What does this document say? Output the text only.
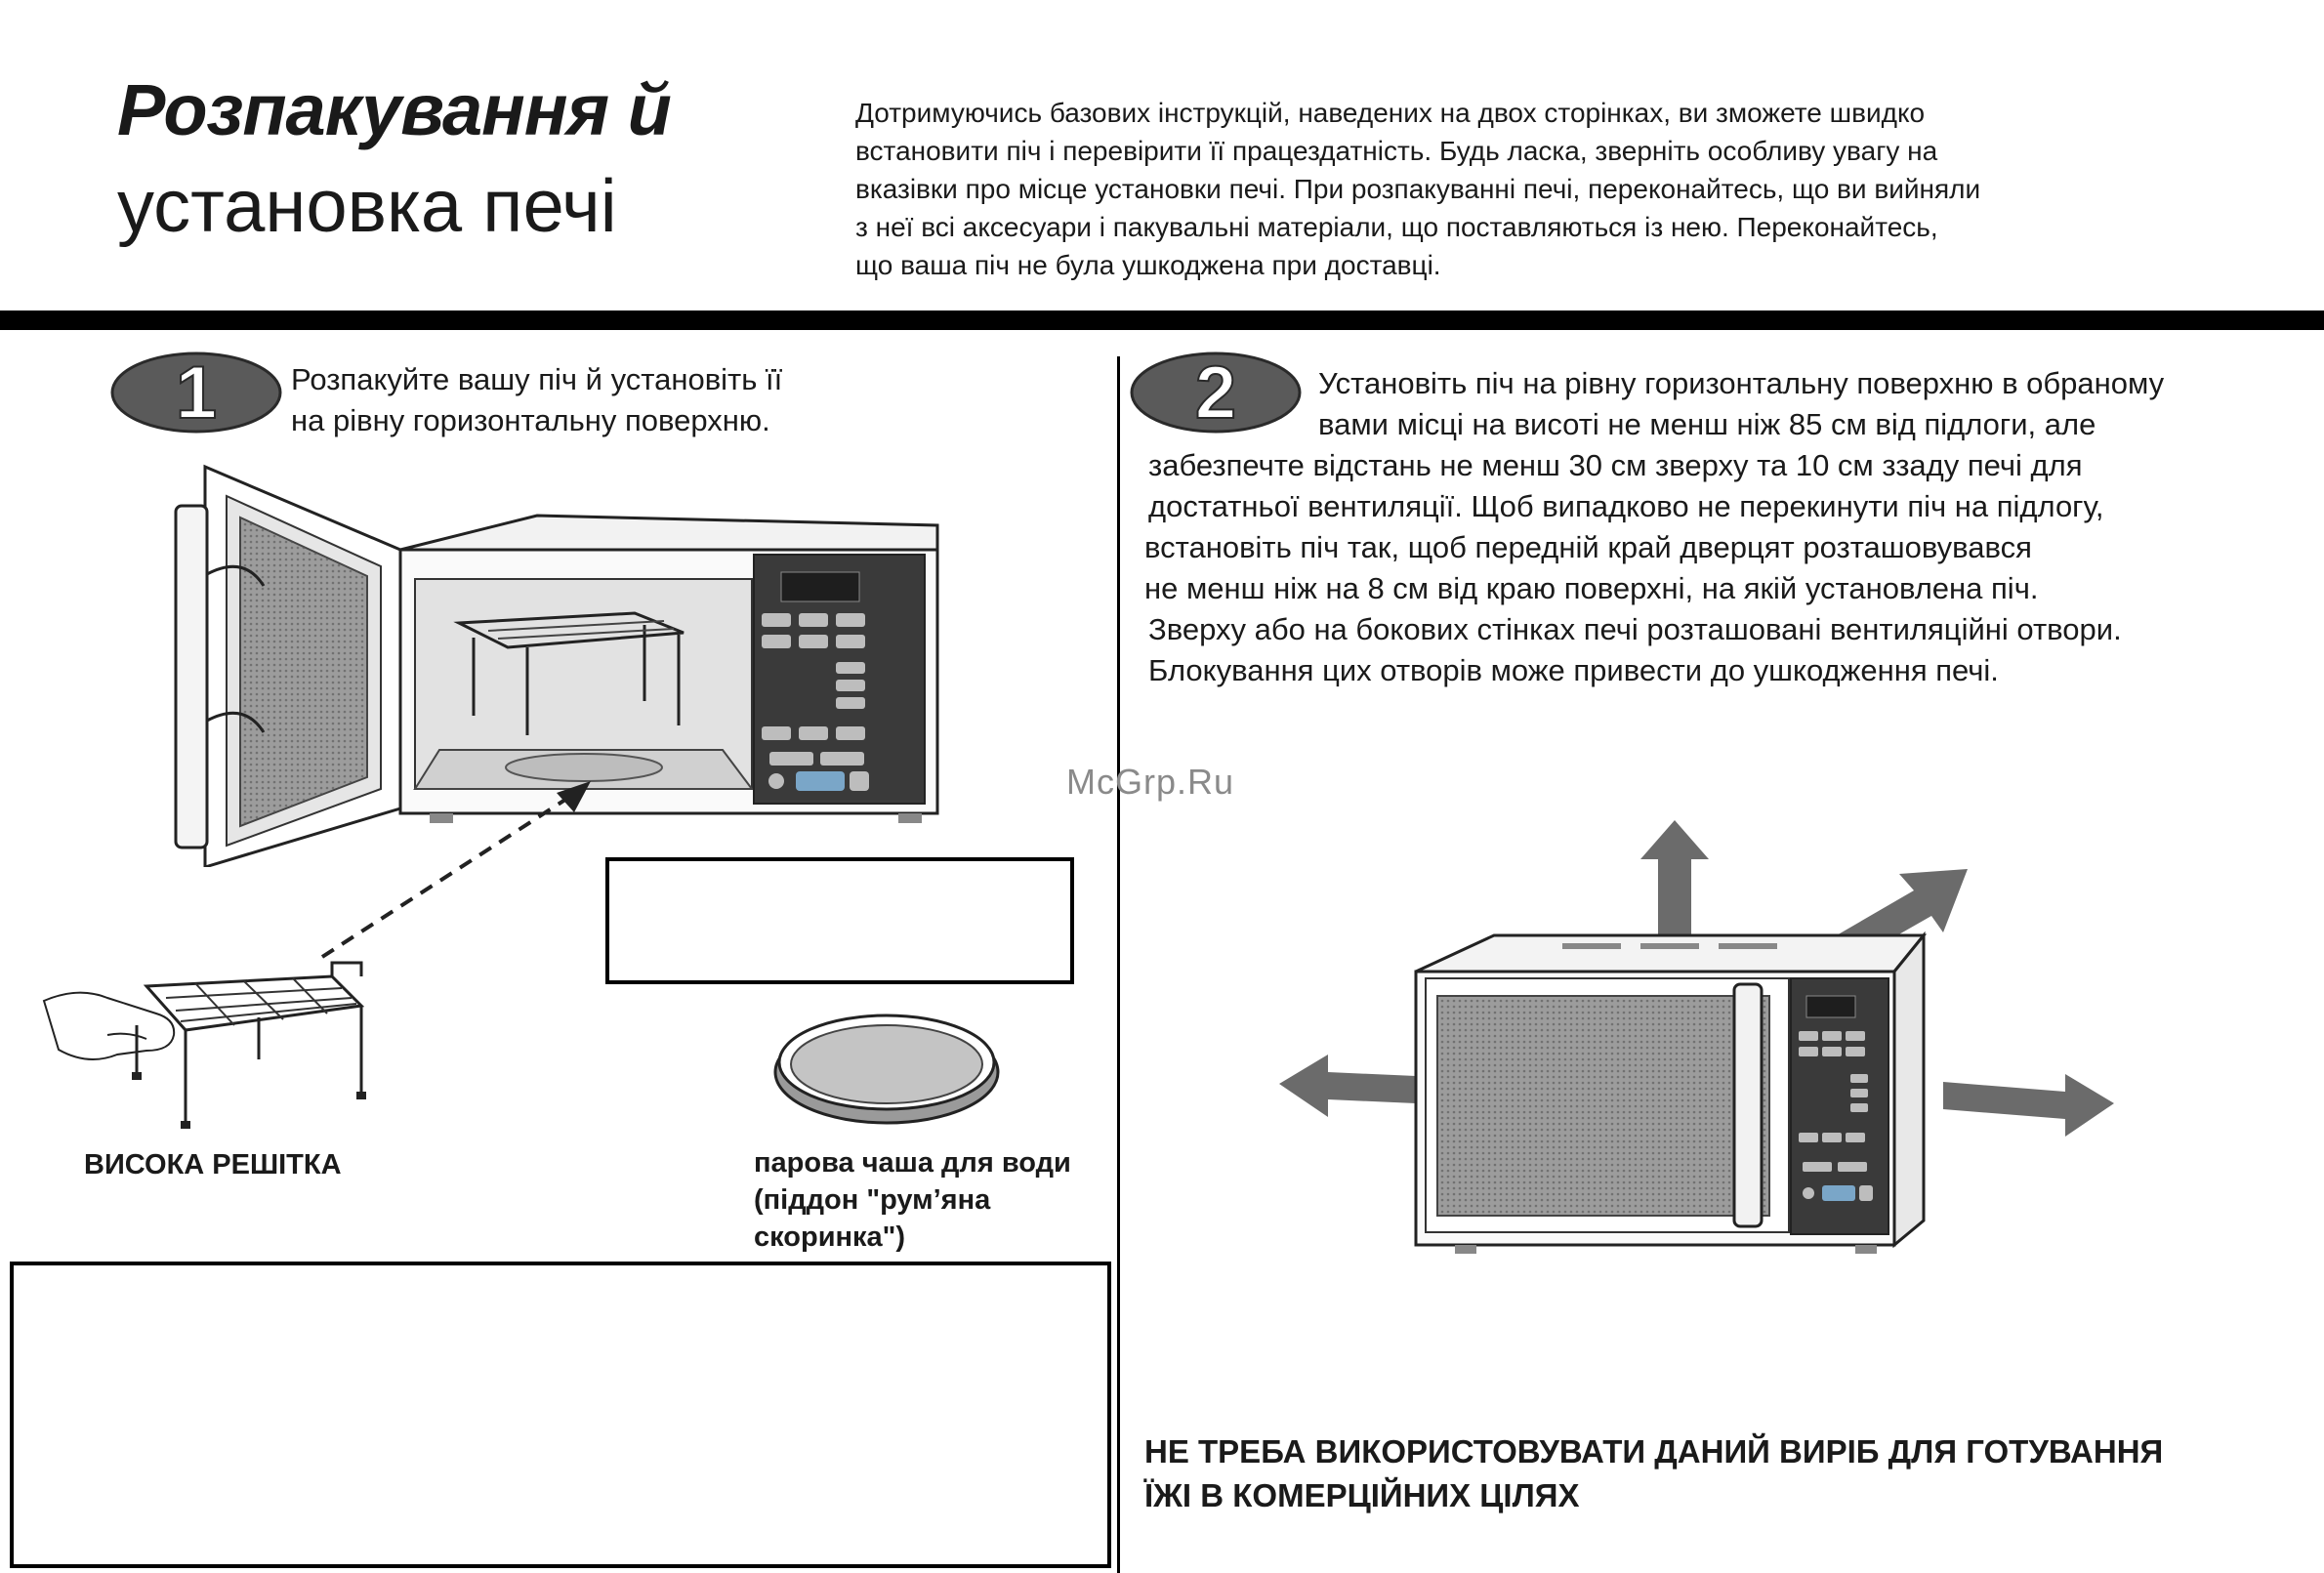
Розпакування й
установка печі
Дотримуючись базових інструкцій, наведених на двох сторінках, ви зможете швидко
встановити піч і перевірити її працездатність. Будь ласка, зверніть особливу увагу на
вказівки про місце установки печі. При розпакуванні печі, переконайтесь, що ви вийняли
з неї всі аксесуари і пакувальні матеріали, що поставляються із нею. Переконайтесь,
що ваша піч не була ушкоджена при доставці.
1 Розпакуйте вашу піч й установіть її
на рівну горизонтальну поверхню.
ВИСОКА РЕШІТКА	парова чаша для води
(піддон "рум’яна
скоринка")
2	Установіть піч на рівну горизонтальну поверхню в обраному
вами місці на висоті не менш ніж 85 см від підлоги, але
забезпечте відстань не менш 30 см зверху та 10 см ззаду печі для
достатньої вентиляції. Щоб випадково не перекинути піч на підлогу,
встановіть піч так, щоб передній край дверцят розташовувався
не менш ніж на 8 см від краю поверхні, на якій установлена піч.
Зверху або на бокових стінках печі розташовані вентиляційні отвори.
Блокування цих отворів може привести до ушкодження печі.
McGrp.Ru
НЕ ТРЕБА ВИКОРИСТОВУВАТИ ДАНИЙ ВИРІБ ДЛЯ ГОТУВАННЯ
ЇЖІ В КОМЕРЦІЙНИХ ЦІЛЯХ
